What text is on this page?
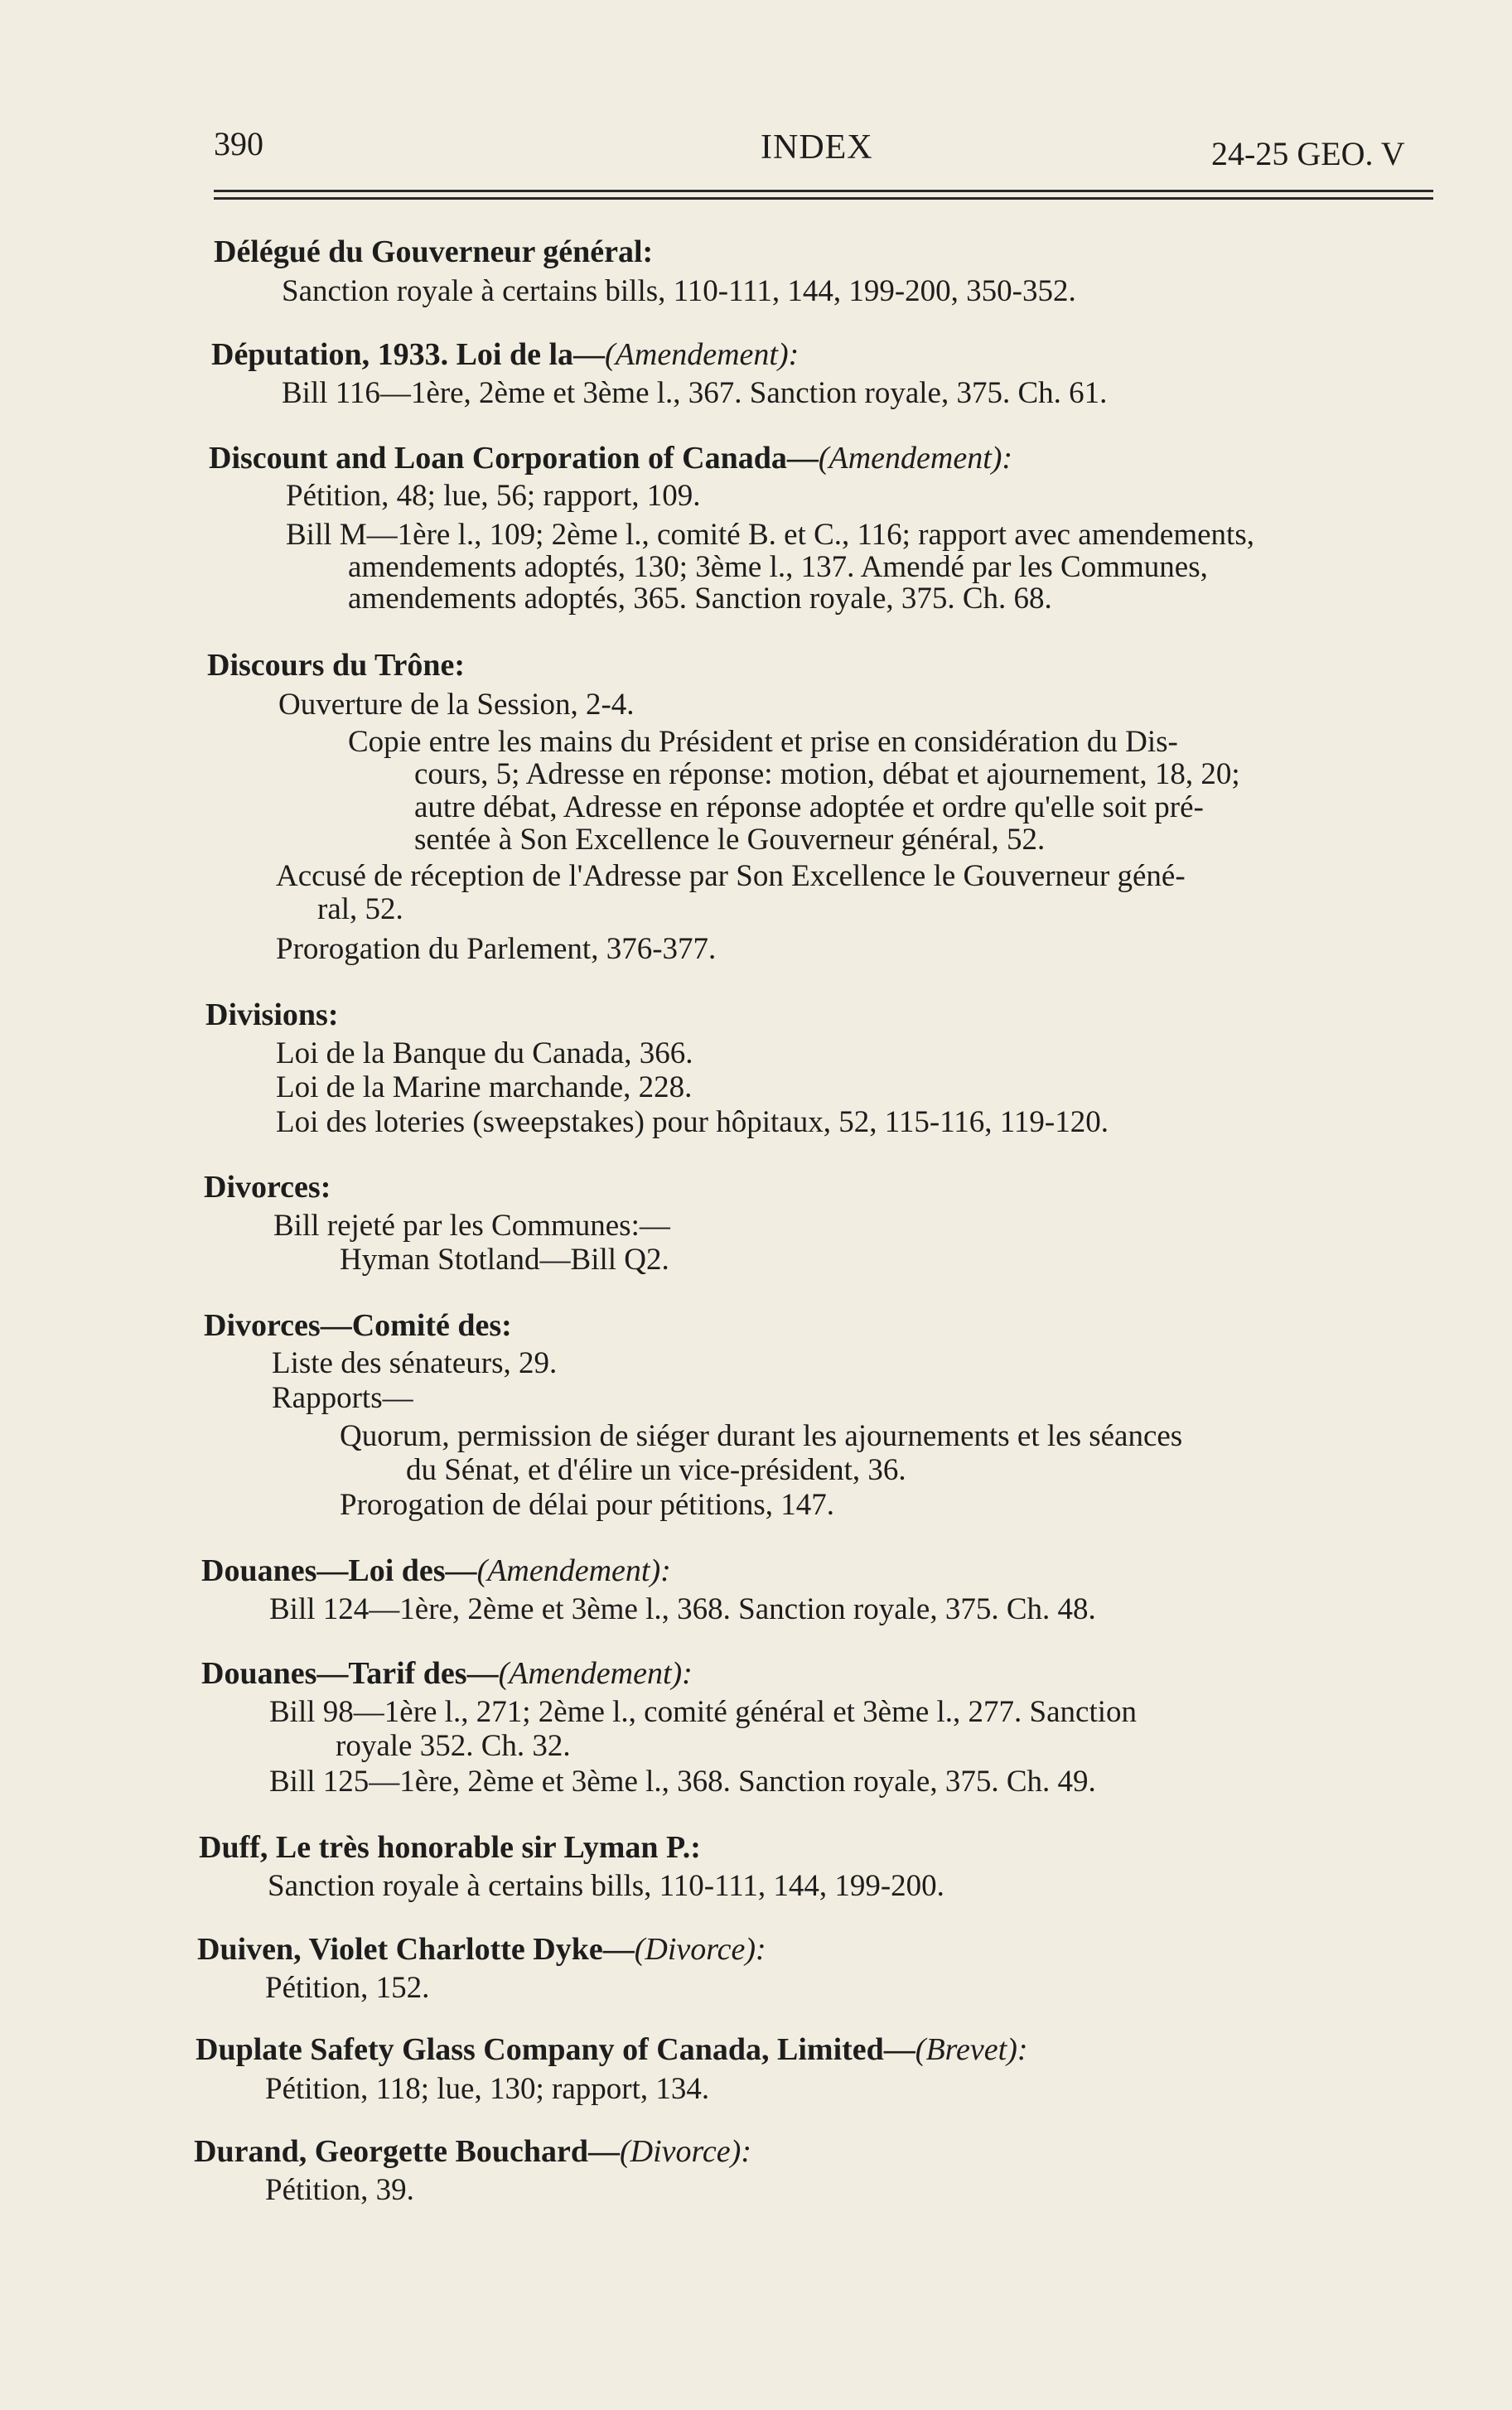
390	INDEX	24-25 GEO. V
Délégué du Gouverneur général:
Sanction royale à certains bills, 110-111, 144, 199-200, 350-352.
Députation, 1933. Loi de la—(Amendement):
Bill 116—1ère, 2ème et 3ème l., 367. Sanction royale, 375. Ch. 61.
Discount and Loan Corporation of Canada—(Amendement):
Pétition, 48; lue, 56; rapport, 109.
Bill M—1ère l., 109; 2ème l., comité B. et C., 116; rapport avec amendements,
amendements adoptés, 130; 3ème l., 137. Amendé par les Communes,
amendements adoptés, 365. Sanction royale, 375. Ch. 68.
Discours du Trône:
Ouverture de la Session, 2-4.
Copie entre les mains du Président et prise en considération du Dis-
cours, 5; Adresse en réponse: motion, débat et ajournement, 18, 20;
autre débat, Adresse en réponse adoptée et ordre qu'elle soit pré-
sentée à Son Excellence le Gouverneur général, 52.
Accusé de réception de l'Adresse par Son Excellence le Gouverneur géné-
ral, 52.
Prorogation du Parlement, 376-377.
Divisions:
Loi de la Banque du Canada, 366.
Loi de la Marine marchande, 228.
Loi des loteries (sweepstakes) pour hôpitaux, 52, 115-116, 119-120.
Divorces:
Bill rejeté par les Communes:—
Hyman Stotland—Bill Q2.
Divorces—Comité des:
Liste des sénateurs, 29.
Rapports—
Quorum, permission de siéger durant les ajournements et les séances
du Sénat, et d'élire un vice-président, 36.
Prorogation de délai pour pétitions, 147.
Douanes—Loi des—(Amendement):
Bill 124—1ère, 2ème et 3ème l., 368. Sanction royale, 375. Ch. 48.
Douanes—Tarif des—(Amendement):
Bill 98—1ère l., 271; 2ème l., comité général et 3ème l., 277. Sanction
royale 352. Ch. 32.
Bill 125—1ère, 2ème et 3ème l., 368. Sanction royale, 375. Ch. 49.
Duff, Le très honorable sir Lyman P.:
Sanction royale à certains bills, 110-111, 144, 199-200.
Duiven, Violet Charlotte Dyke—(Divorce):
Pétition, 152.
Duplate Safety Glass Company of Canada, Limited—(Brevet):
Pétition, 118; lue, 130; rapport, 134.
Durand, Georgette Bouchard—(Divorce):
Pétition, 39.
